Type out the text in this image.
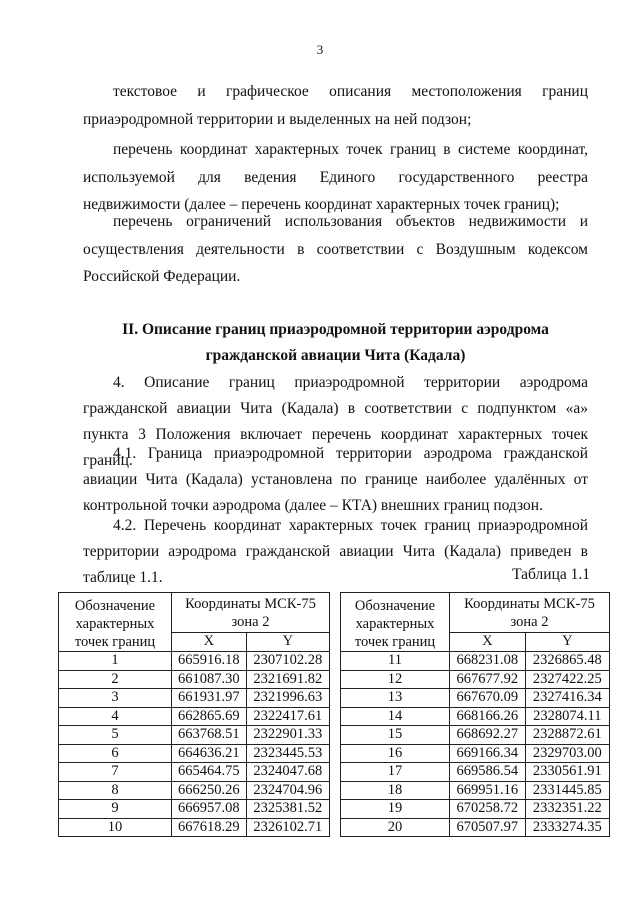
3

текстовое и графическое описания местоположения границ приаэродромной территории и выделенных на ней подзон;

перечень координат характерных точек границ в системе координат, используемой для ведения Единого государственного реестра недвижимости (далее – перечень координат характерных точек границ);

перечень ограничений использования объектов недвижимости и осуществления деятельности в соответствии с Воздушным кодексом Российской Федерации.

II. Описание границ приаэродромной территории аэродрома

гражданской авиации Чита (Кадала)

4. Описание границ приаэродромной территории аэродрома гражданской авиации Чита (Кадала) в соответствии с подпунктом «а» пункта 3 Положения включает перечень координат характерных точек границ.

4.1. Граница приаэродромной территории аэродрома гражданской авиации Чита (Кадала) установлена по границе наиболее удалённых от контрольной точки аэродрома (далее – КТА) внешних границ подзон.

4.2. Перечень координат характерных точек границ приаэродромной территории аэродрома гражданской авиации Чита (Кадала) приведен в таблице 1.1.	Таблица 1.1
Обозначение характерных точек границ	Координаты МСК-75 зона 2	
	X	Y
1	665916.18	2307102.28
2	661087.30	2321691.82
3	661931.97	2321996.63
4	662865.69	2322417.61
5	663768.51	2322901.33
6	664636.21	2323445.53
7	665464.75	2324047.68
8	666250.26	2324704.96
9	666957.08	2325381.52
10	667618.29	2326102.71
Обозначение характерных точек границ	Координаты МСК-75 зона 2	
	X	Y
11	668231.08	2326865.48
12	667677.92	2327422.25
13	667670.09	2327416.34
14	668166.26	2328074.11
15	668692.27	2328872.61
16	669166.34	2329703.00
17	669586.54	2330561.91
18	669951.16	2331445.85
19	670258.72	2332351.22
20	670507.97	2333274.35
